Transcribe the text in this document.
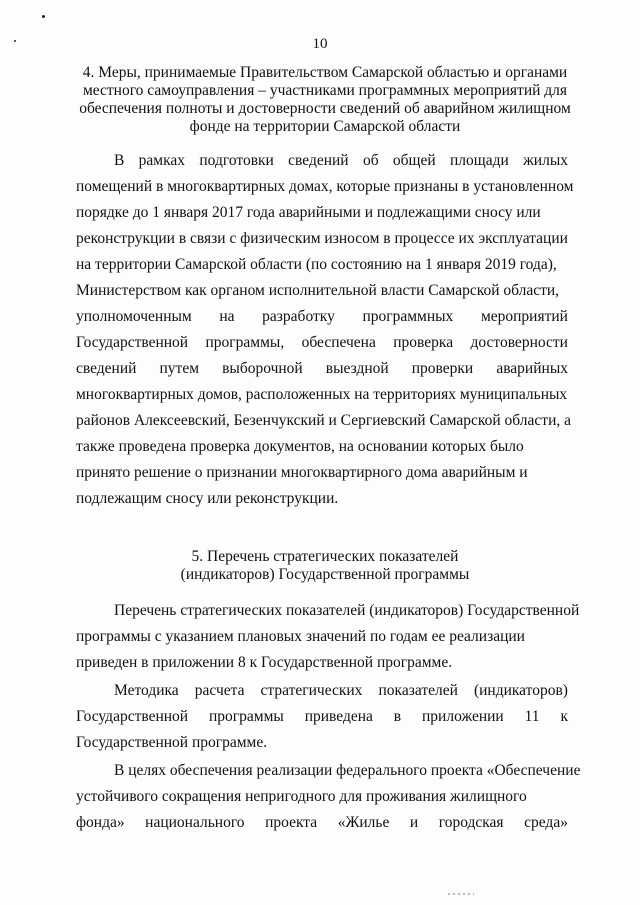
10
4. Меры, принимаемые Правительством Самарской областью и органами
местного самоуправления – участниками программных мероприятий для
обеспечения полноты и достоверности сведений об аварийном жилищном
фонде на территории Самарской области
В рамках подготовки сведений об общей площади жилых
помещений в многоквартирных домах, которые признаны в установленном
порядке до 1 января 2017 года аварийными и подлежащими сносу или
реконструкции в связи с физическим износом в процессе их эксплуатации
на территории Самарской области (по состоянию на 1 января 2019 года),
Министерством как органом исполнительной власти Самарской области,
уполномоченным на разработку программных мероприятий
Государственной программы, обеспечена проверка достоверности
сведений путем выборочной выездной проверки аварийных
многоквартирных домов, расположенных на территориях муниципальных
районов Алексеевский, Безенчукский и Сергиевский Самарской области, а
также проведена проверка документов, на основании которых было
принято решение о признании многоквартирного дома аварийным и
подлежащим сносу или реконструкции.
5. Перечень стратегических показателей
(индикаторов) Государственной программы
Перечень стратегических показателей (индикаторов) Государственной
программы с указанием плановых значений по годам ее реализации
приведен в приложении 8 к Государственной программе.
Методика расчета стратегических показателей (индикаторов)
Государственной программы приведена в приложении 11 к
Государственной программе.
В целях обеспечения реализации федерального проекта «Обеспечение
устойчивого сокращения непригодного для проживания жилищного
фонда» национального проекта «Жилье и городская среда»
